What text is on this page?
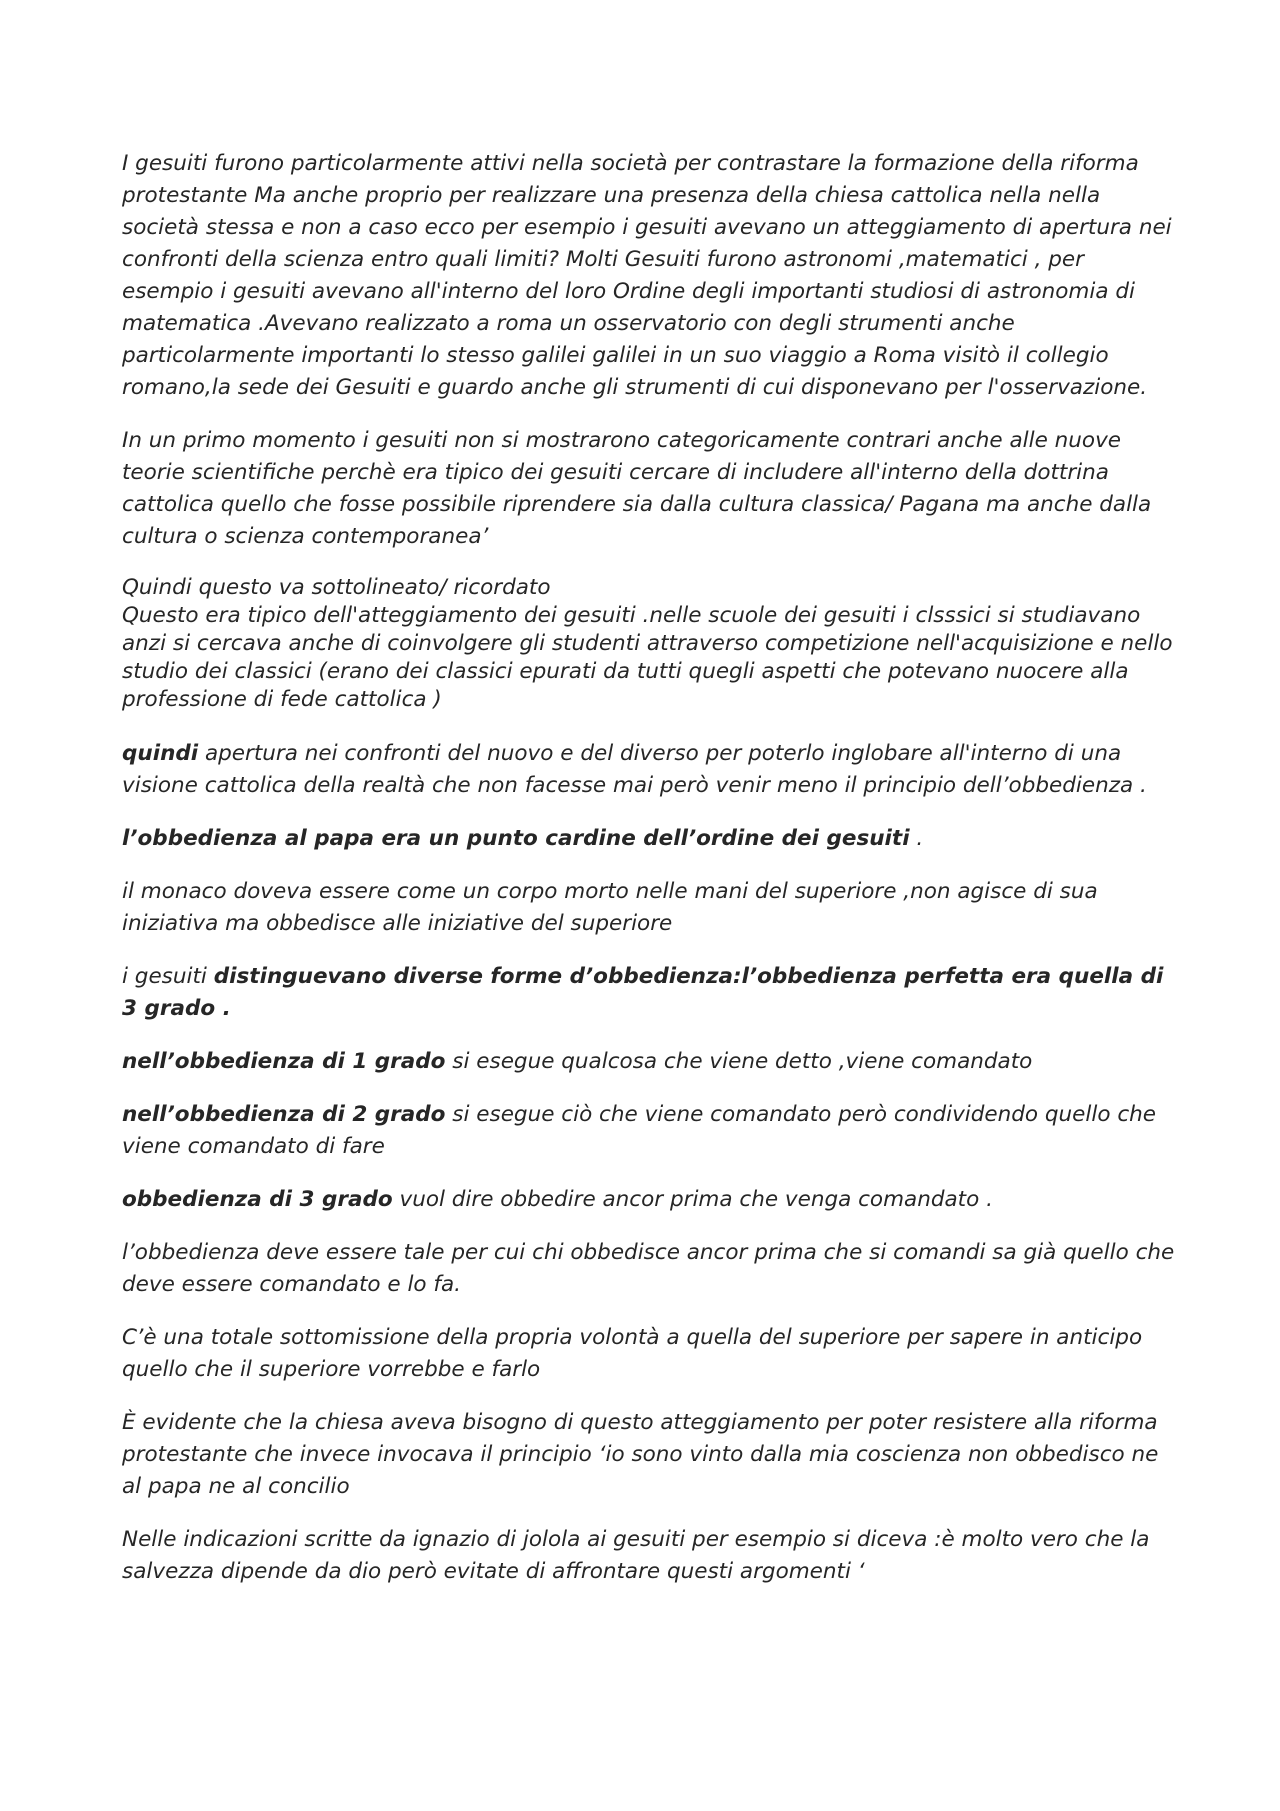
I gesuiti furono particolarmente attivi nella società per contrastare la formazione della riforma protestante Ma anche proprio per realizzare una presenza della chiesa cattolica nella nella società stessa e non a caso ecco per esempio i gesuiti avevano un atteggiamento di apertura nei confronti della scienza entro quali limiti? Molti Gesuiti furono astronomi ,matematici , per esempio i gesuiti avevano all'interno del loro Ordine degli importanti studiosi di astronomia di matematica .Avevano realizzato a roma un osservatorio con degli strumenti anche particolarmente importanti lo stesso galilei galilei in un suo viaggio a Roma visitò il collegio romano,la sede dei Gesuiti e guardo anche gli strumenti di cui disponevano per l'osservazione.

In un primo momento i gesuiti non si mostrarono categoricamente contrari anche alle nuove teorie scientifiche perchè era tipico dei gesuiti cercare di includere all'interno della dottrina cattolica quello che fosse possibile riprendere sia dalla cultura classica/ Pagana ma anche dalla cultura o scienza contemporanea’

Quindi questo va sottolineato/ ricordato

Questo era tipico dell'atteggiamento dei gesuiti .nelle scuole dei gesuiti i clsssici si studiavano anzi si cercava anche di coinvolgere gli studenti attraverso competizione nell'acquisizione e nello studio dei classici (erano dei classici epurati da tutti quegli aspetti che potevano nuocere alla professione di fede cattolica )

quindi apertura nei confronti del nuovo e del diverso per poterlo inglobare all'interno di una visione cattolica della realtà che non facesse mai però venir meno il principio dell’obbedienza .

l’obbedienza al papa era un punto cardine dell’ordine dei gesuiti .

il monaco doveva essere come un corpo morto nelle mani del superiore ,non agisce di sua iniziativa ma obbedisce alle iniziative del superiore

i gesuiti distinguevano diverse forme d’obbedienza:l’obbedienza perfetta era quella di 3 grado .

nell’obbedienza di 1 grado si esegue qualcosa che viene detto ,viene comandato

nell’obbedienza di 2 grado si esegue ciò che viene comandato però condividendo quello che viene comandato di fare

obbedienza di 3 grado vuol dire obbedire ancor prima che venga comandato .

l’obbedienza deve essere tale per cui chi obbedisce ancor prima che si comandi sa già quello che deve essere comandato e lo fa.

C’è una totale sottomissione della propria volontà a quella del superiore per sapere in anticipo quello che il superiore vorrebbe e farlo

È evidente che la chiesa aveva bisogno di questo atteggiamento per poter resistere alla riforma protestante che invece invocava il principio ‘io sono vinto dalla mia coscienza non obbedisco ne al papa ne al concilio

Nelle indicazioni scritte da ignazio di jolola ai gesuiti per esempio si diceva :è molto vero che la salvezza dipende da dio però evitate di affrontare questi argomenti ‘
